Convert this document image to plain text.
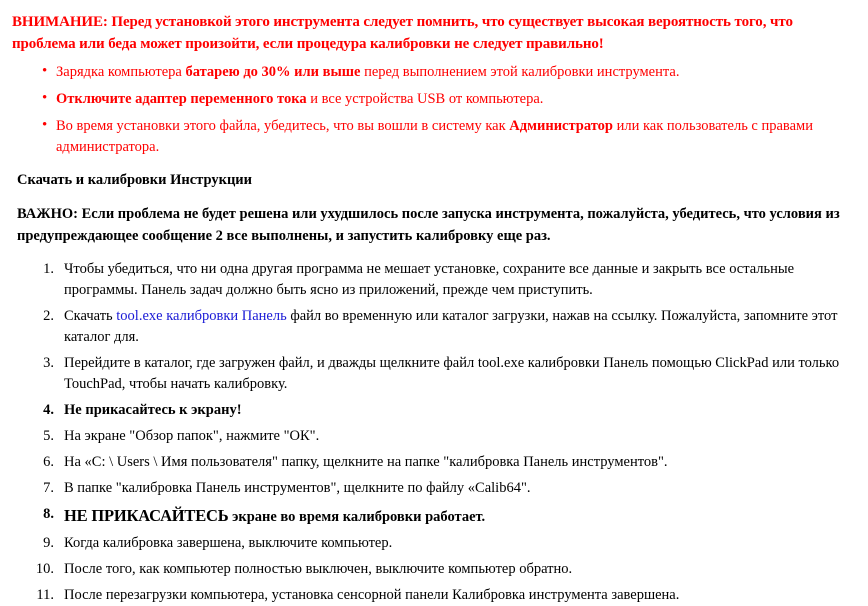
ВНИМАНИЕ: Перед установкой этого инструмента следует помнить, что существует высокая вероятность того, что проблема или беда может произойти, если процедура калибровки не следует правильно!

• Зарядка компьютера батарею до 30% или выше перед выполнением этой калибровки инструмента.
• Отключите адаптер переменного тока и все устройства USB от компьютера.
• Во время установки этого файла, убедитесь, что вы вошли в систему как Администратор или как пользователь с правами администратора.

Скачать и калибровки Инструкции

ВАЖНО: Если проблема не будет решена или ухудшилось после запуска инструмента, пожалуйста, убедитесь, что условия из предупреждающее сообщение 2 все выполнены, и запустить калибровку еще раз.

Чтобы убедиться, что ни одна другая программа не мешает установке, сохраните все данные и закрыть все остальные программы. Панель задач должно быть ясно из приложений, прежде чем приступить.
Скачать tool.exe калибровки Панель файл во временную или каталог загрузки, нажав на ссылку. Пожалуйста, запомните этот каталог для.
Перейдите в каталог, где загружен файл, и дважды щелкните файл tool.exe калибровки Панель помощью ClickPad или только TouchPad, чтобы начать калибровку.
Не прикасайтесь к экрану!
На экране "Обзор папок", нажмите "ОК".
На «C: \ Users \ Имя пользователя" папку, щелкните на папке "калибровка Панель инструментов".
В папке "калибровка Панель инструментов", щелкните по файлу «Calib64".
НЕ ПРИКАСАЙТЕСЬ экране во время калибровки работает.
Когда калибровка завершена, выключите компьютер.
После того, как компьютер полностью выключен, выключите компьютер обратно.
После перезагрузки компьютера, установка сенсорной панели Калибровка инструмента завершена.
